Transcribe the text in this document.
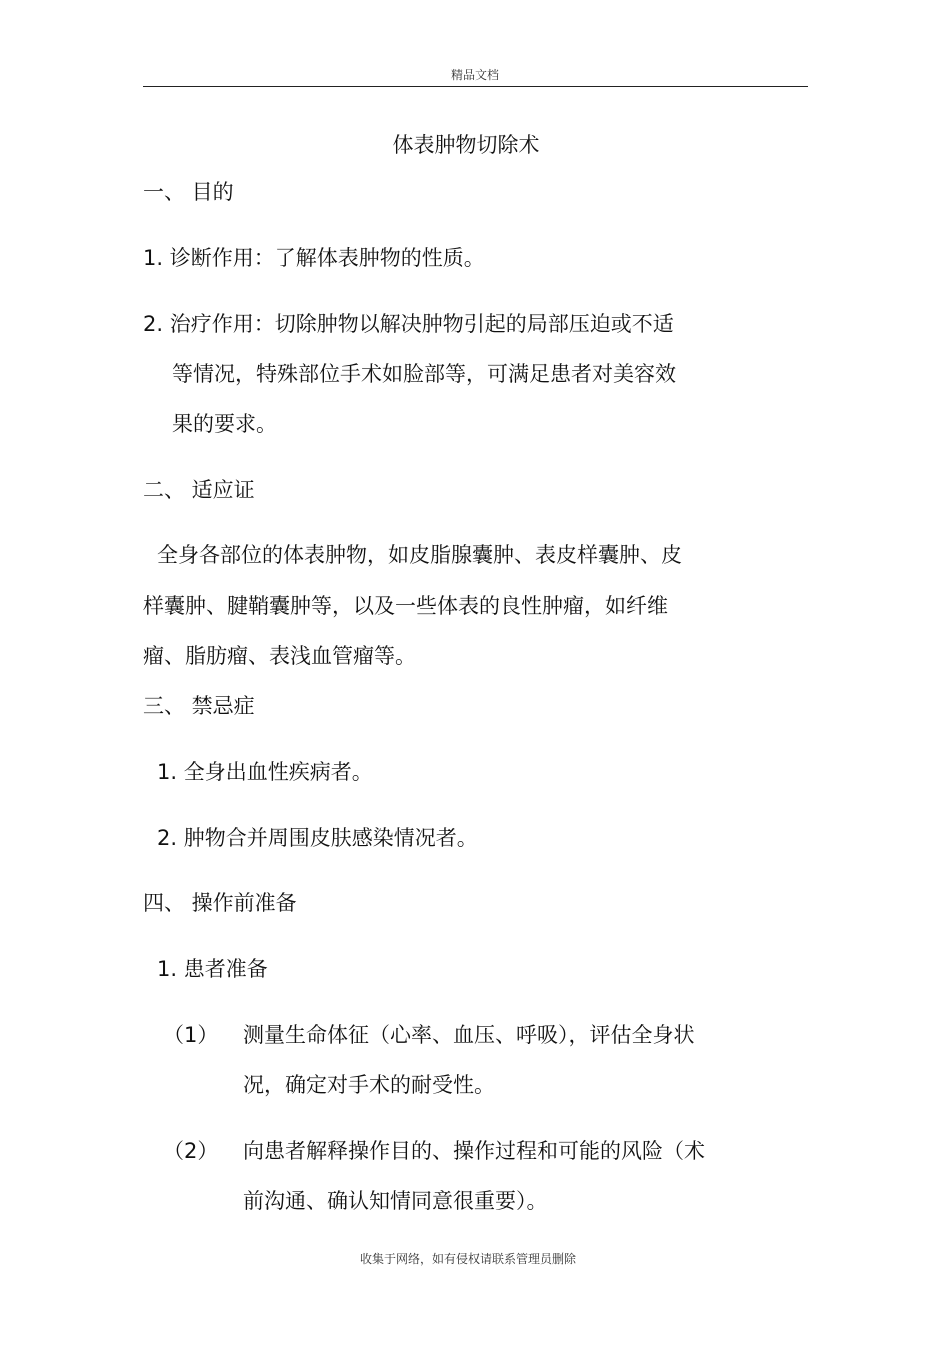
精品文档
体表肿物切除术
一、 目的
1. 诊断作用：了解体表肿物的性质。
2. 治疗作用：切除肿物以解决肿物引起的局部压迫或不适
等情况，特殊部位手术如脸部等，可满足患者对美容效
果的要求。
二、 适应证
全身各部位的体表肿物，如皮脂腺囊肿、表皮样囊肿、皮
样囊肿、腱鞘囊肿等，以及一些体表的良性肿瘤，如纤维
瘤、脂肪瘤、表浅血管瘤等。
三、 禁忌症
1. 全身出血性疾病者。
2. 肿物合并周围皮肤感染情况者。
四、 操作前准备
1. 患者准备
（1） 测量生命体征（心率、血压、呼吸），评估全身状
况，确定对手术的耐受性。
（2） 向患者解释操作目的、操作过程和可能的风险（术
前沟通、确认知情同意很重要）。
收集于网络，如有侵权请联系管理员删除
